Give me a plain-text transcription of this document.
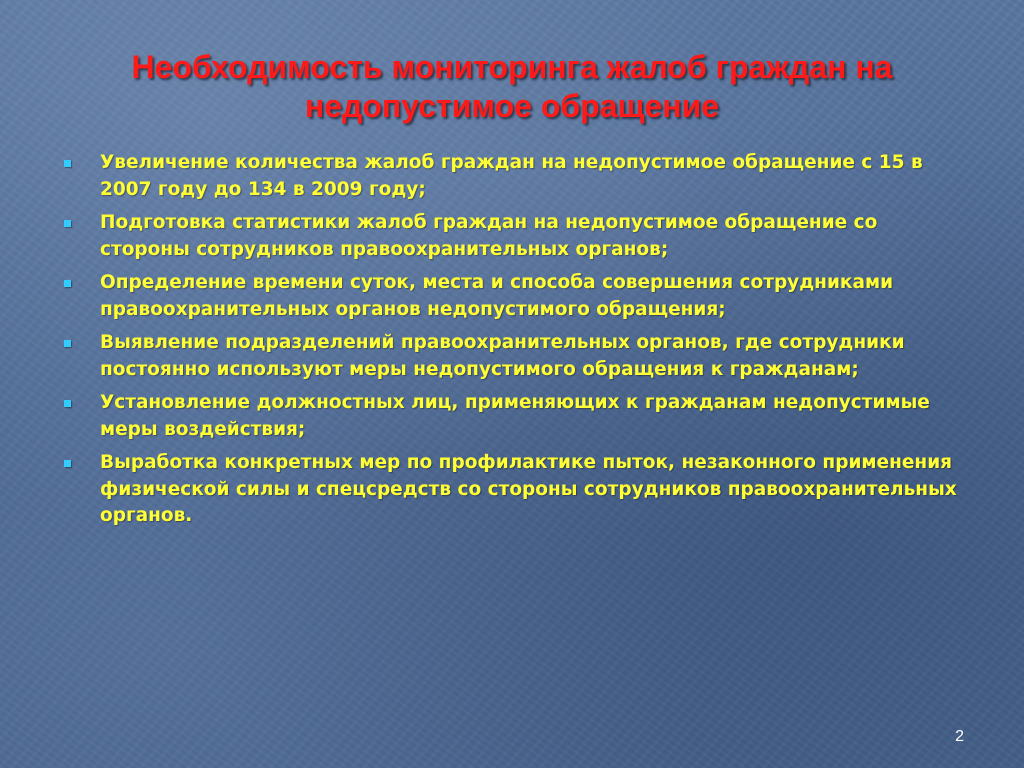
Необходимость мониторинга жалоб граждан на недопустимое обращение
Увеличение количества жалоб граждан на недопустимое обращение с 15 в 2007 году до 134 в 2009 году;
Подготовка статистики жалоб граждан на недопустимое обращение со стороны сотрудников правоохранительных органов;
Определение времени суток, места и способа совершения сотрудниками правоохранительных органов недопустимого обращения;
Выявление подразделений правоохранительных органов, где сотрудники постоянно используют меры недопустимого обращения к гражданам;
Установление должностных лиц, применяющих к гражданам недопустимые меры воздействия;
Выработка конкретных мер по профилактике пыток, незаконного применения физической силы и спецсредств со стороны сотрудников правоохранительных органов.
2
